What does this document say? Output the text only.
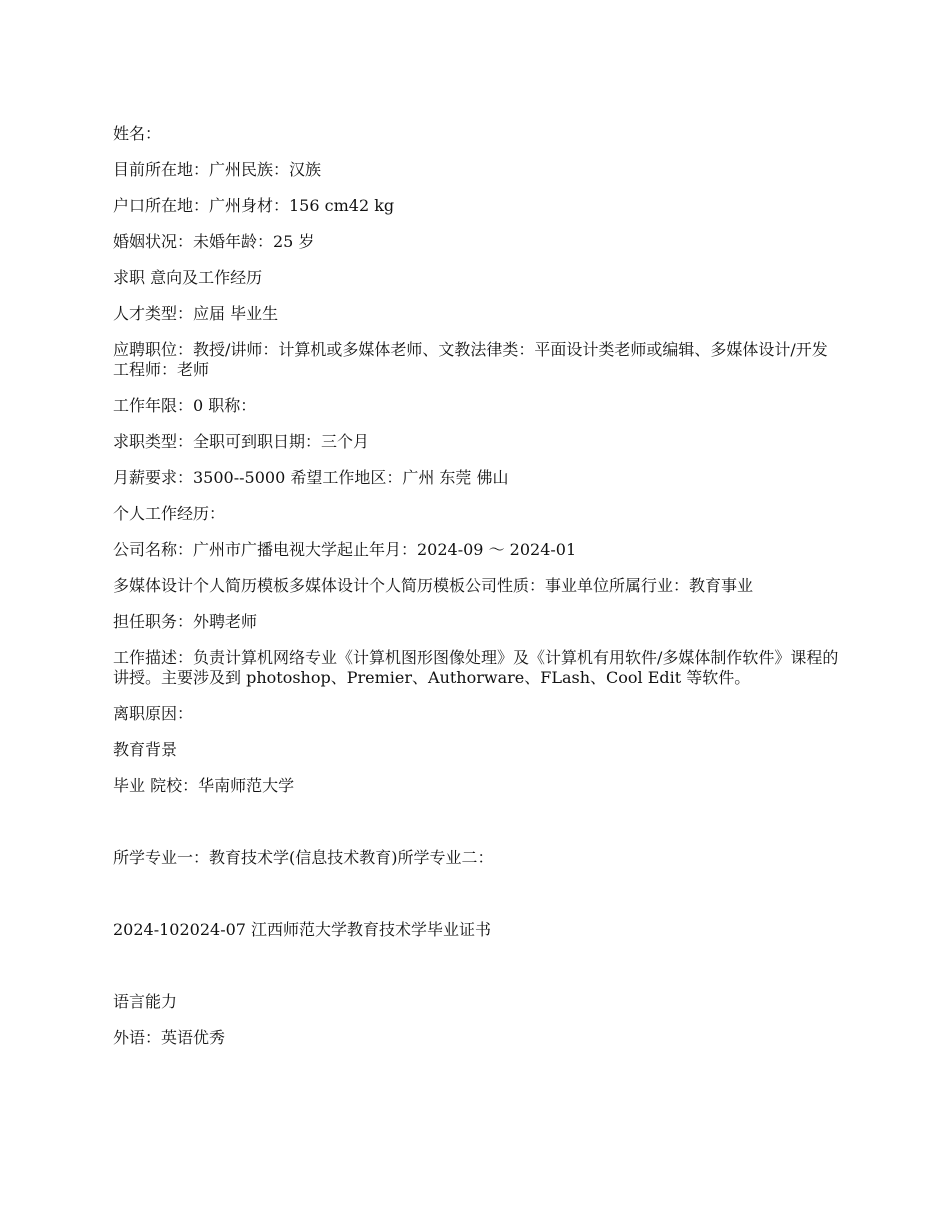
姓名：

目前所在地：广州民族：汉族

户口所在地：广州身材：156 cm42 kg

婚姻状况：未婚年龄：25 岁

求职 意向及工作经历

人才类型：应届 毕业生

应聘职位：教授/讲师：计算机或多媒体老师、文教法律类：平面设计类老师或编辑、多媒体设计/开发工程师：老师

工作年限：0 职称：

求职类型：全职可到职日期：三个月

月薪要求：3500--5000 希望工作地区：广州 东莞 佛山

个人工作经历：

公司名称：广州市广播电视大学起止年月：2024-09 ～ 2024-01

多媒体设计个人简历模板多媒体设计个人简历模板公司性质：事业单位所属行业：教育事业

担任职务：外聘老师

工作描述：负责计算机网络专业《计算机图形图像处理》及《计算机有用软件/多媒体制作软件》课程的讲授。主要涉及到 photoshop、Premier、Authorware、FLash、Cool Edit 等软件。

离职原因：

教育背景

毕业 院校：华南师范大学

所学专业一：教育技术学(信息技术教育)所学专业二：

2024-102024-07 江西师范大学教育技术学毕业证书

语言能力

外语：英语优秀
